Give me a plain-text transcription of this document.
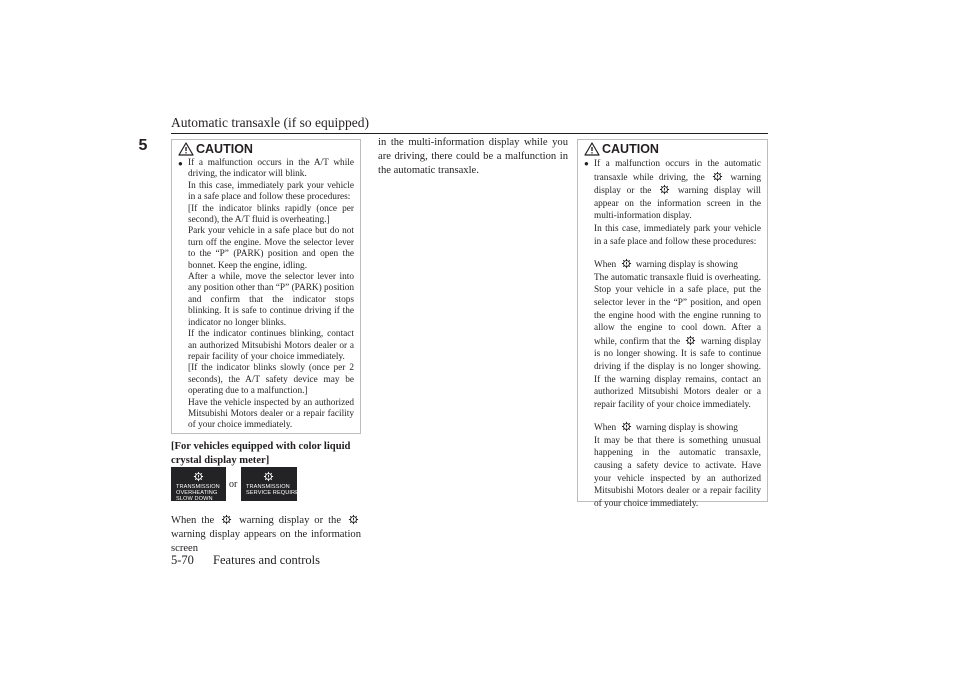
Automatic transaxle (if so equipped)
5	CAUTION
● If a malfunction occurs in the A/T while driving, the indicator will blink.

In this case, immediately park your vehicle in a safe place and follow these procedures:

[If the indicator blinks rapidly (once per second), the A/T fluid is overheating.]

Park your vehicle in a safe place but do not turn off the engine. Move the selector lever to the “P” (PARK) position and open the bonnet. Keep the engine, idling.

After a while, move the selector lever into any position other than “P” (PARK) position and confirm that the indicator stops blinking. It is safe to continue driving if the indicator no longer blinks.

If the indicator continues blinking, contact an authorized Mitsubishi Motors dealer or a repair facility of your choice immediately.

[If the indicator blinks slowly (once per 2 seconds), the A/T safety device may be operating due to a malfunction.]

Have the vehicle inspected by an authorized Mitsubishi Motors dealer or a repair facility of your choice immediately.

[For vehicles equipped with color liquid crystal display meter]
TRANSMISSION
OVERHEATING
SLOW DOWN
or TRANSMISSION
SERVICE REQUIRED
When the warning display or the  warning display appears on the information screen
in the multi-information display while you are driving, there could be a malfunction in the automatic transaxle.
CAUTION
● If a malfunction occurs in the automatic transaxle while driving, the	warning display or the	warning display will appear on the information screen in the multi-information display.

In this case, immediately park your vehicle in a safe place and follow these procedures:

When warning display is showing

The automatic transaxle fluid is overheating. Stop your vehicle in a safe place, put the selector lever in the “P” position, and open the engine hood with the engine running to allow the engine to cool down. After a while, confirm that the warning display is no longer showing. It is safe to continue driving if the display is no longer showing. If the warning display remains, contact an authorized Mitsubishi Motors dealer or a repair facility of your choice immediately.

When warning display is showing

It may be that there is something unusual happening in the automatic transaxle, causing a safety device to activate. Have your vehicle inspected by an authorized Mitsubishi Motors dealer or a repair facility of your choice immediately.

5-70 Features and controls
